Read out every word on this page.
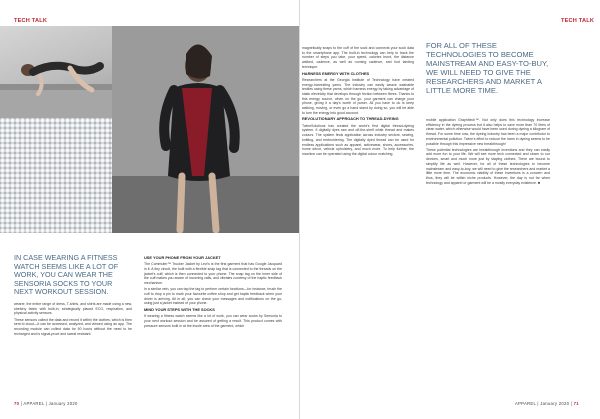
TECH TALK
IN CASE WEARING A FITNESS WATCH SEEMS LIKE A LOT OF WORK, YOU CAN WEAR THE SENSORIA SOCKS TO YOUR NEXT WORKOUT SESSION.

wearer, the entire range of dress, T-shirts, and shirts are made using a new, stretchy fabric with built-in, strategically placed ECG, respiration, and physical activity sensors.

These sensors collect the data and record it within the clothes, which is then sent to cloud—it can be accessed, analyzed, and viewed using an app. The recording module can collect data for 50 hours without the need to be recharged and is signal-proof and sweat resistant.

USE YOUR PHONE FROM YOUR JACKET

The Commuter™ Trucker Jacket by Levi's is the first garment that has Google Jacquard in it. A tiny circuit, the built with a flexible snap tag that is connected to the threads on the jacket's cuff, which is then connected to your phone. The snap tag on the inner side of the cuff makes you aware of incoming calls, and vibrates courtesy of the haptic feedback mechanism.

In a similar vein, you can tap the tag to perform certain functions—for instance, brush the cuff to drop a pin to mark your favourite coffee shop and get haptic feedback when your driver is arriving. All in all, you can check your messages and notifications on the go, using just a jacket instead of your phone.

MIND YOUR STEPS WITH THE SOCKS

If wearing a fitness watch seems like a lot of work, you can wear socks by Sensoria to your next workout session and be assured of getting a result. This product comes with pressure sensors built in at the insole area of the garment, which

70 | APPAREL | January 2020
TECH TALK

magnetically snaps to the cuff of the sock and connects your sock data to the smartphone app. The built-in technology can help to track the number of steps you take, your speed, calories burnt, the distance walked, cadence, as well as running cadence, and foot landing technique.

HARNESS ENERGY WITH CLOTHES

Researchers at the Georgia Institute of Technology have created energy-harvesting yarns. The industry can easily weave washable textiles using these yarns, which harness energy by taking advantage of static electricity that develops through friction between fibres. Thanks to this energy source, when on the go, your garment can charge your phone, giving it a day's worth of power. All you have to do is keep walking, moving, or even go a hand stand by doing so, you will be able to turn the energy into good account.

REVOLUTIONARY APPROACH TO THREAD-DYEING

TwineSolutions has created the world's first digital thread-dyeing system. It digitally dyes raw and off-the-shelf white thread and makes colours. The system finds application across industry sectors, sewing, knitting, and embroidering. The digitally dyed thread can be used for endless applications such as apparel, activewear, shoes, accessories, home décor, vehicle upholstery, and much more. To help further, the machine can be operated using the digital colour matching

FOR ALL OF THESE TECHNOLOGIES TO BECOME MAINSTREAM AND EASY-TO-BUY, WE WILL NEED TO GIVE THE RESEARCHERS AND MARKET A LITTLE MORE TIME.

mobile application Graphitech™. Not only does this technology increase efficiency in the dyeing process but it also helps to save more than 70 litres of clean water, which otherwise would have been used during dyeing a kilogram of thread. For some time now, the dyeing industry has been a major contributor to environmental pollution. Twine's effort to reduce the harm in dyeing seems to be possible through this impressive new breakthrough!

These potential technologies are breakthrough inventions and they can easily add more fun to your life. We will see more tech connected and closer to our devices, smart and much more just by staying clothed. There are bound to simplify life as well. However, for all of these technologies to become mainstream and easy-to-buy, we will need to give the researchers and market a little more time. The economic viability of these inventions is a concern and thus, they will be within niche products. However, the day is not far when technology and apparel or garment will be a mostly everyday existence. ■

APPAREL | January 2020 | 71
